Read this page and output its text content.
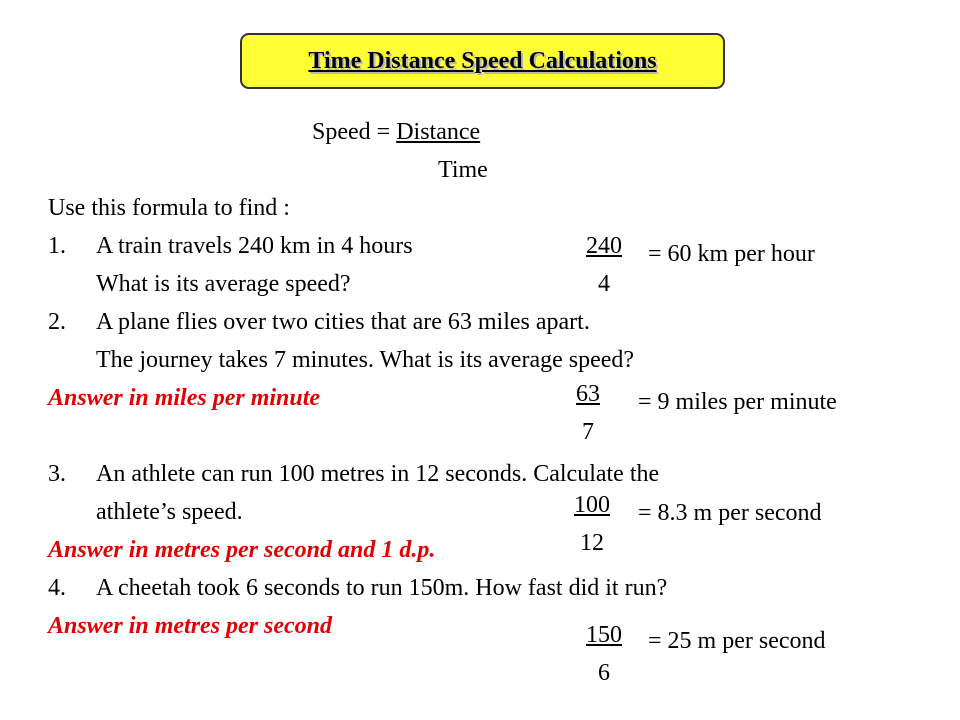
Time Distance Speed Calculations
Speed = Distance
Time
Use this formula to find :
1. A train travels 240 km in 4 hours
What is its average speed?
240
4
= 60 km per hour
2. A plane flies over two cities that are 63 miles apart.
The journey takes 7 minutes. What is its average speed?
Answer in miles per minute	63
7
= 9 miles per minute
3. An athlete can run 100 metres in 12 seconds. Calculate the
athlete’s speed.
Answer in metres per second and 1 d.p.
100
12
= 8.3 m per second
4. A cheetah took 6 seconds to run 150m. How fast did it run?
Answer in metres per second	150
6
= 25 m per second
